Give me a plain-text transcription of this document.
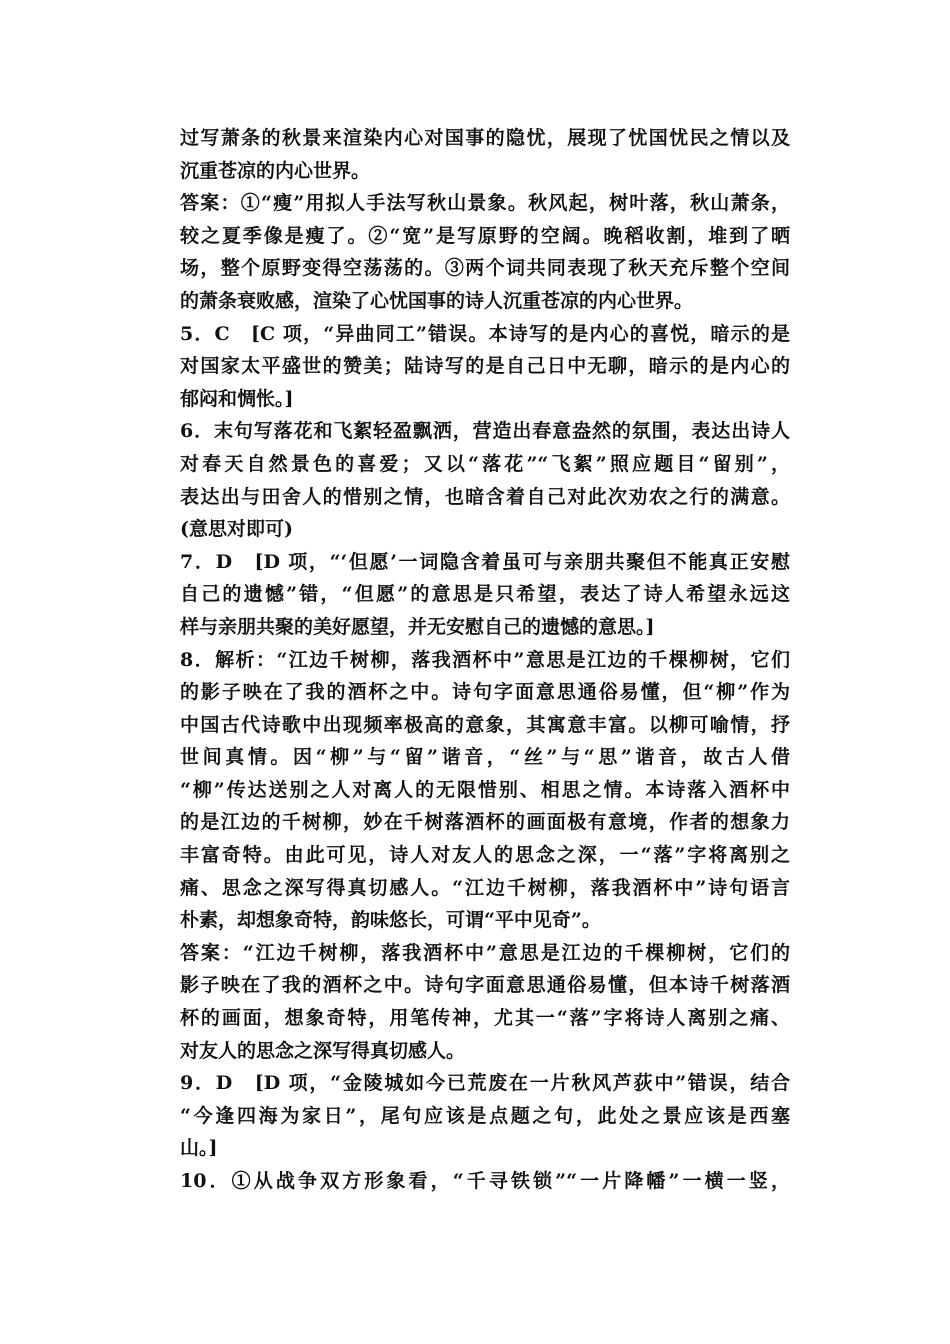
过写萧条的秋景来渲染内心对国事的隐忧，展现了忧国忧民之情以及
沉重苍凉的内心世界。
答案：①“瘦”用拟人手法写秋山景象。秋风起，树叶落，秋山萧条，
较之夏季像是瘦了。②“宽”是写原野的空阔。晚稻收割，堆到了晒
场，整个原野变得空荡荡的。③两个词共同表现了秋天充斥整个空间
的萧条衰败感，渲染了心忧国事的诗人沉重苍凉的内心世界。
5．C　[C 项，“异曲同工”错误。本诗写的是内心的喜悦，暗示的是
对国家太平盛世的赞美；陆诗写的是自己日中无聊，暗示的是内心的
郁闷和惆怅。]
6．末句写落花和飞絮轻盈飘洒，营造出春意盎然的氛围，表达出诗人
对春天自然景色的喜爱；又以“落花”“飞絮”照应题目“留别”，
表达出与田舍人的惜别之情，也暗含着自己对此次劝农之行的满意。
(意思对即可)
7．D　[D 项，“‘但愿’一词隐含着虽可与亲朋共聚但不能真正安慰
自己的遗憾”错，“但愿”的意思是只希望，表达了诗人希望永远这
样与亲朋共聚的美好愿望，并无安慰自己的遗憾的意思。]
8．解析：“江边千树柳，落我酒杯中”意思是江边的千棵柳树，它们
的影子映在了我的酒杯之中。诗句字面意思通俗易懂，但“柳”作为
中国古代诗歌中出现频率极高的意象，其寓意丰富。以柳可喻情，抒
世间真情。因“柳”与“留”谐音，“丝”与“思”谐音，故古人借
“柳”传达送别之人对离人的无限惜别、相思之情。本诗落入酒杯中
的是江边的千树柳，妙在千树落酒杯的画面极有意境，作者的想象力
丰富奇特。由此可见，诗人对友人的思念之深，一“落”字将离别之
痛、思念之深写得真切感人。“江边千树柳，落我酒杯中”诗句语言
朴素，却想象奇特，韵味悠长，可谓“平中见奇”。
答案：“江边千树柳，落我酒杯中”意思是江边的千棵柳树，它们的
影子映在了我的酒杯之中。诗句字面意思通俗易懂，但本诗千树落酒
杯的画面，想象奇特，用笔传神，尤其一“落”字将诗人离别之痛、
对友人的思念之深写得真切感人。
9．D　[D 项，“金陵城如今已荒废在一片秋风芦荻中”错误，结合
“今逢四海为家日”，尾句应该是点题之句，此处之景应该是西塞
山。]
10．①从战争双方形象看，“千寻铁锁”“一片降幡”一横一竖，
